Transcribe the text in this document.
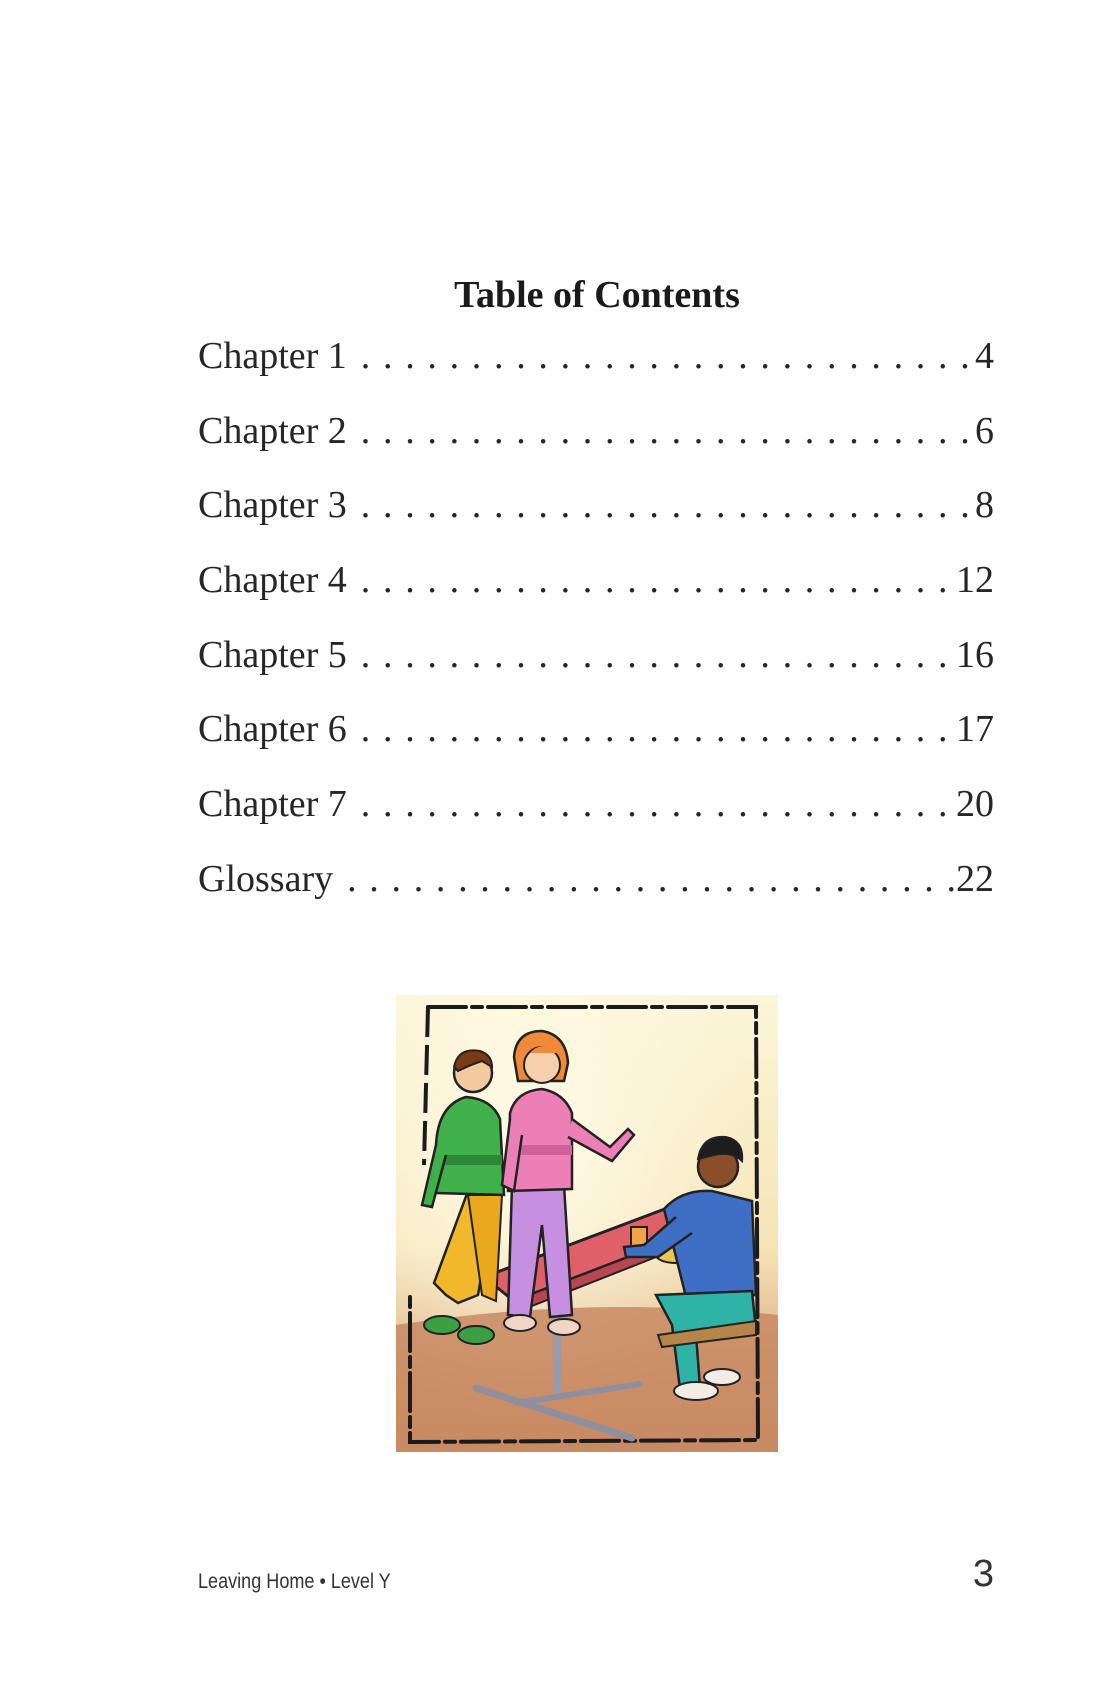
Table of Contents
Chapter 1 . . .	4
Chapter 2 . . .	6
Chapter 3 . . .	8
Chapter 4 . . .	12
Chapter 5 . . .	16
Chapter 6 . . .	17
Chapter 7 . . .	20
Glossary . . .	22
Leaving Home • Level Y	3
